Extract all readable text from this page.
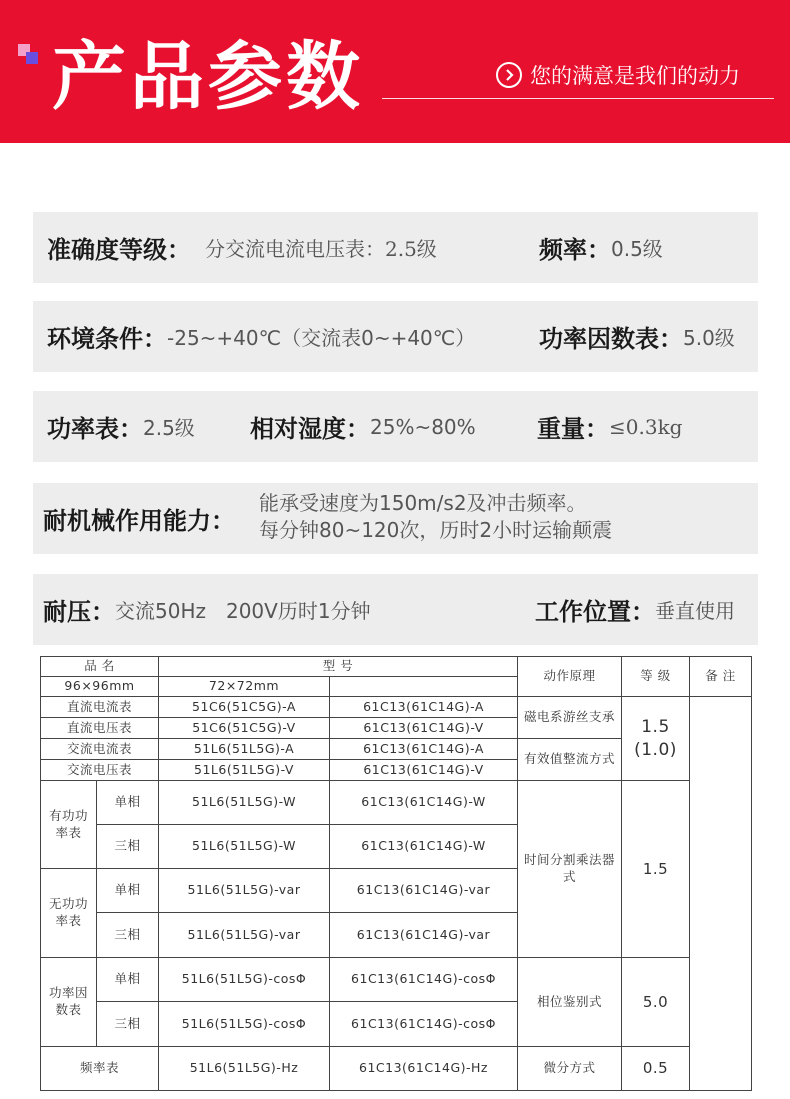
产品参数	您的满意是我们的动力
准确度等级： 分交流电流电压表：2.5级	频率： 0.5级
环境条件： -25~+40℃（交流表0~+40℃）	功率因数表： 5.0级
功率表： 2.5级 相对湿度： 25%~80%	重量： ≤0.3kg
耐机械作用能力：
能承受速度为150m/s2及冲击频率。
每分钟80~120次，历时2小时运输颠震
耐压： 交流50Hz　200V历时1分钟	工作位置： 垂直使用
品 名		型 号		动作原理	等 级	备 注
96×96mm		72×72mm				
直流电流表		51C6(51C5G)-A	61C13(61C14G)-A	磁电系游丝支承	1.5
(1.0)	

直流电压表		51C6(51C5G)-V	61C13(61C14G)-V			
交流电流表		51L6(51L5G)-A	61C13(61C14G)-A	有效值整流方式		
交流电压表		51L6(51L5G)-V	61C13(61C14G)-V			
有功功率表	单相	51L6(51L5G)-W	61C13(61C14G)-W	时间分割乘法器式	1.5	
	三相	51L6(51L5G)-W	61C13(61C14G)-W			
无功功率表	单相	51L6(51L5G)-var	61C13(61C14G)-var			
	三相	51L6(51L5G)-var	61C13(61C14G)-var			
功率因数表	单相	51L6(51L5G)-cosΦ	61C13(61C14G)-cosΦ	相位鉴别式	5.0	
	三相	51L6(51L5G)-cosΦ	61C13(61C14G)-cosΦ			
频率表		51L6(51L5G)-Hz	61C13(61C14G)-Hz	微分方式	0.5	
